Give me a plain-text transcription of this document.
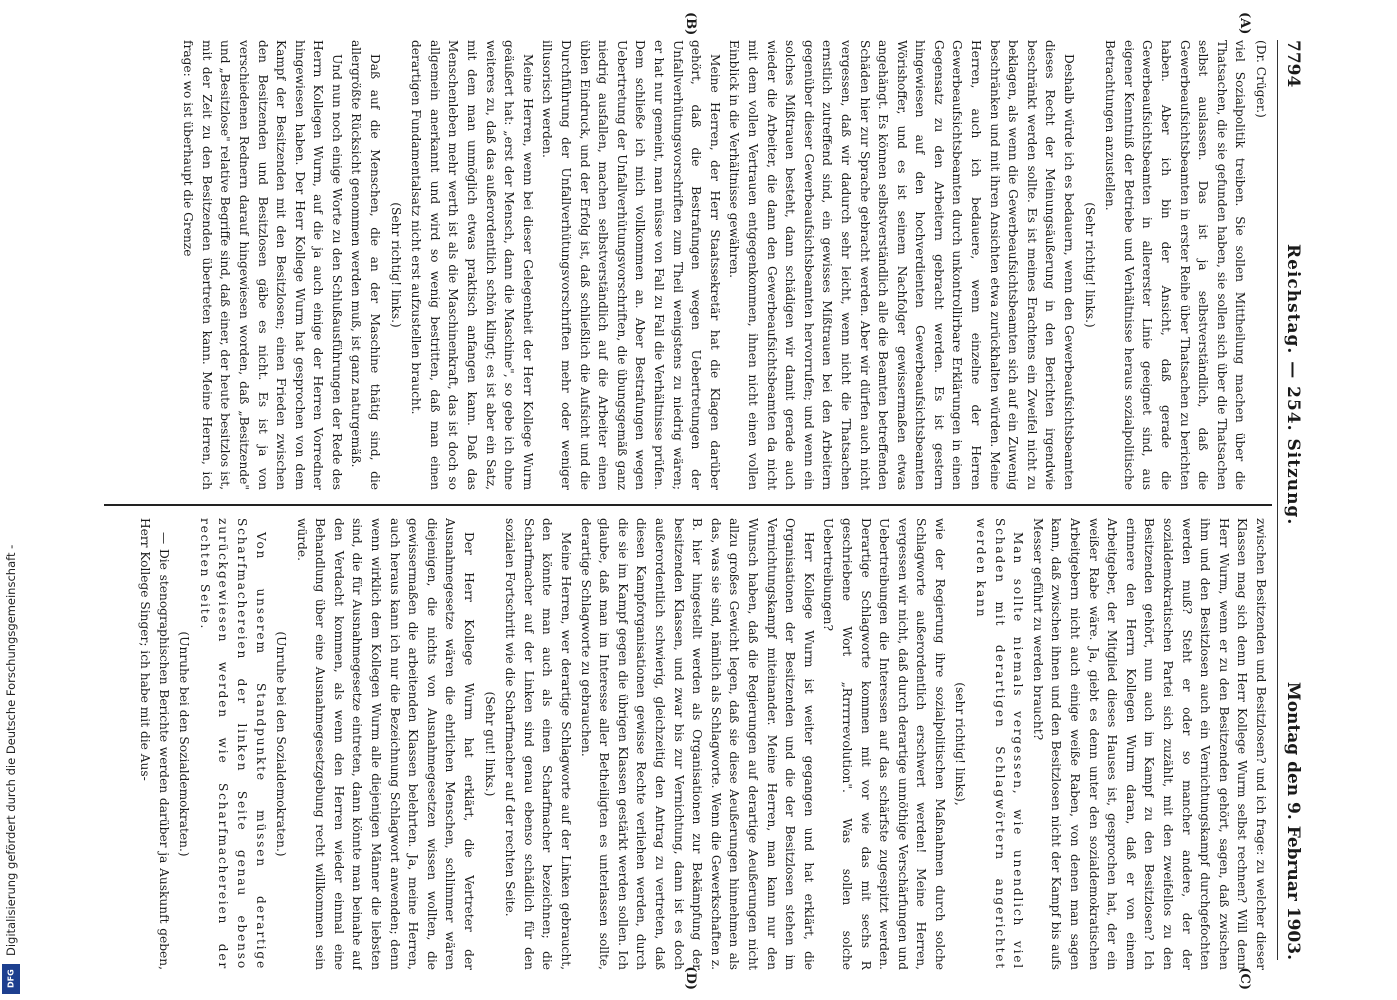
Digitalisierung gefördert durch die Deutsche Forschungsgemeinschaft -
DFG
7794
Reichstag. — 254. Sitzung.
Montag den 9. Februar 1903.
(Dr. Crüger.)

viel Sozialpolitik treiben. Sie sollen Mittheilung machen über die Thatsachen, die sie gefunden haben, sie sollen sich über die Thatsachen selbst auslassen. Das ist ja selbstverständlich, daß die Gewerbeaufsichtsbeamten in erster Reihe über Thatsachen zu berichten haben. Aber ich bin der Ansicht, daß gerade die Gewerbeaufsichtsbeamten in allererster Linie geeignet sind, aus eigener Kenntniß der Betriebe und Verhältnisse heraus sozialpolitische Betrachtungen anzustellen.

(Sehr richtig! links.)

Deshalb würde ich es bedauern, wenn den Gewerbeaufsichtsbeamten dieses Recht der Meinungsäußerung in den Berichten irgendwie beschränkt werden sollte. Es ist meines Erachtens ein Zweifel nicht zu beklagen, als wenn die Gewerbeaufsichtsbeamten sich auf ein Zuwenig beschränken und mit ihren Ansichten etwa zurückhalten würden. Meine Herren, auch ich bedauere, wenn einzelne der Herren Gewerbeaufsichtsbeamten durch unkontrollirbare Erklärungen in einen Gegensatz zu den Arbeitern gebracht werden. Es ist gestern hingewiesen auf den hochverdienten Gewerbeaufsichtsbeamten Wörishoffer, und es ist seinem Nachfolger gewissermaßen etwas angehängt. Es können selbstverständlich alle die Beamten betreffenden Schäden hier zur Sprache gebracht werden. Aber wir dürfen auch nicht vergessen, daß wir dadurch sehr leicht, wenn nicht die Thatsachen ernstlich zutreffend sind, ein gewisses Mißtrauen bei den Arbeitern gegenüber dieser Gewerbeaufsichtsbeamten hervorrufen; und wenn ein solches Mißtrauen besteht, dann schädigen wir damit gerade auch wieder die Arbeiter, die dann den Gewerbeaufsichtsbeamten da nicht mit dem vollen Vertrauen entgegenkommen, ihnen nicht einen vollen Einblick in die Verhältnisse gewähren.

Meine Herren, der Herr Staatssekretär hat die Klagen darüber gehört, daß die Bestrafungen wegen Uebertretungen der Unfallverhütungsvorschriften zum Theil wenigstens zu niedrig wären; er hat nur gemeint, man müsse von Fall zu Fall die Verhältnisse prüfen. Dem schließe ich mich vollkommen an. Aber Bestrafungen wegen Uebertretung der Unfallverhütungsvorschriften, die übungsgemäß ganz niedrig ausfallen, machen selbstverständlich auf die Arbeiter einen üblen Eindruck, und der Erfolg ist, daß schließlich die Aufsicht und die Durchführung der Unfallverhütungsvorschriften mehr oder weniger illusorisch werden.

Meine Herren, wenn bei dieser Gelegenheit der Herr Kollege Wurm geäußert hat: „erst der Mensch, dann die Maschine", so gebe ich ohne weiteres zu, daß das außerordentlich schön klingt; es ist aber ein Satz, mit dem man unmöglich etwas praktisch anfangen kann. Daß das Menschenleben mehr werth ist als die Maschinenkraft, das ist doch so allgemein anerkannt und wird so wenig bestritten, daß man einen derartigen Fundamentalsatz nicht erst aufzustellen braucht.

(Sehr richtig! links.)

Daß auf die Menschen, die an der Maschine thätig sind, die allergrößte Rücksicht genommen werden muß, ist ganz naturgemäß.

Und nun noch einige Worte zu den Schlußausführungen der Rede des Herrn Kollegen Wurm, auf die ja auch einige der Herren Vorredner hingewiesen haben. Der Herr Kollege Wurm hat gesprochen von dem Kampf der Besitzenden mit den Besitzlosen; einen Frieden zwischen den Besitzenden und Besitzlosen gäbe es nicht. Es ist ja von verschiedenen Rednern darauf hingewiesen worden, daß „Besitzende" und „Besitzlose" relative Begriffe sind, daß einer, der heute besitzlos ist, mit der Zeit zu den Besitzenden übertreten kann. Meine Herren, ich frage: wo ist überhaupt die Grenze

zwischen Besitzenden und Besitzlosen? und ich frage: zu welcher dieser Klassen mag sich denn Herr Kollege Wurm selbst rechnen? Will denn Herr Wurm, wenn er zu den Besitzenden gehört, sagen, daß zwischen ihm und den Besitzlosen auch ein Vernichtungskampf durchgefochten werden muß? Steht er oder so mancher andere, der der sozialdemokratischen Partei sich zuzählt, mit den zweifellos zu den Besitzenden gehört, nun auch im Kampf zu den Besitzlosen? Ich erinnere den Herrn Kollegen Wurm daran, daß er von einem Arbeitgeber, der Mitglied dieses Hauses ist, gesprochen hat, der ein weißer Rabe wäre. Ja, giebt es denn unter den sozialdemokratischen Arbeitgebern nicht auch einige weiße Raben, von denen man sagen kann, daß zwischen ihnen und den Besitzlosen nicht der Kampf bis aufs Messer geführt zu werden braucht?

Man sollte niemals vergessen, wie unendlich viel Schaden mit derartigen Schlagwörtern angerichtet werden kann

(sehr richtig! links),

wie der Regierung ihre sozialpolitischen Maßnahmen durch solche Schlagworte außerordentlich erschwert werden! Meine Herren, vergessen wir nicht, daß durch derartige unnöthige Verschärfungen und Uebertreibungen die Interessen auf das schärfste zugespitzt werden. Derartige Schlagworte kommen mit vor wie das mit sechs R geschriebene Wort „Rrrrrrevolution". Was sollen solche Uebertreibungen?

Herr Kollege Wurm ist weiter gegangen und hat erklärt, die Organisationen der Besitzenden und die der Besitzlosen stehen im Vernichtungskampf miteinander. Meine Herren, man kann nur den Wunsch haben, daß die Regierungen auf derartige Aeußerungen nicht allzu großes Gewicht legen, daß sie diese Aeußerungen hinnehmen als das, was sie sind, nämlich als Schlagworte. Wenn die Gewerkschaften z. B. hier hingestellt werden als Organisationen zur Bekämpfung der besitzenden Klassen, und zwar bis zur Vernichtung, dann ist es doch außerordentlich schwierig, gleichzeitig den Antrag zu vertreten, daß diesen Kampforganisationen gewisse Rechte verliehen werden, durch die sie im Kampf gegen die übrigen Klassen gestärkt werden sollen. Ich glaube, daß man im Interesse aller Betheiligten es unterlassen sollte, derartige Schlagworte zu gebrauchen.

Meine Herren, wer derartige Schlagworte auf der Linken gebraucht, den könnte man auch als einen Scharfmacher bezeichnen; die Scharfmacher auf der Linken sind genau ebenso schädlich für den sozialen Fortschritt wie die Scharfmacher auf der rechten Seite.

(Sehr gut! links.)

Der Herr Kollege Wurm hat erklärt, die Vertreter der Ausnahmegesetze wären die ehrlichen Menschen, schlimmer wären diejenigen, die nichts von Ausnahmegesetzen wissen wollten, die gewissermaßen die arbeitenden Klassen belehrten. Ja, meine Herren, auch heraus kann ich nur die Bezeichnung Schlagwort anwenden; denn wenn wirklich dem Kollegen Wurm alle diejenigen Männer die liebsten sind, die für Ausnahmegesetze eintreten, dann könnte man beinahe auf den Verdacht kommen, als wenn den Herren wieder einmal eine Behandlung über eine Ausnahmegesetzgebung recht willkommen sein würde.

(Unruhe bei den Sozialdemokraten.)

Von unserem Standpunkte müssen derartige Scharfmachereien der linken Seite genau ebenso zurückgewiesen werden wie Scharfmachereien der rechten Seite.

(Unruhe bei den Sozialdemokraten.)

— Die stenographischen Berichte werden darüber ja Auskunft geben, Herr Kollege Singer; ich habe mit die Aus-

(A)
(B)
(C)
(D)
